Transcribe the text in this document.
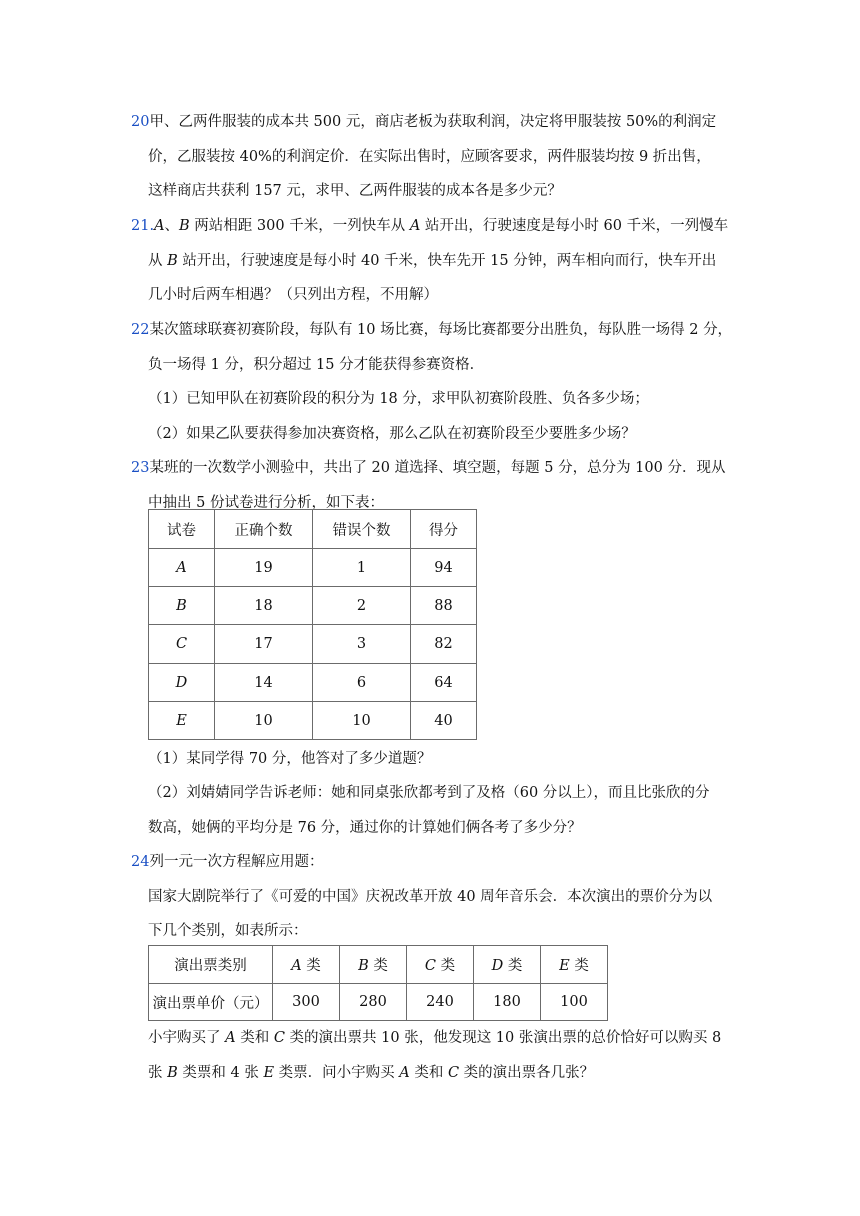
20甲、乙两件服装的成本共 500 元，商店老板为获取利润，决定将甲服装按 50%的利润定
价，乙服装按 40%的利润定价．在实际出售时，应顾客要求，两件服装均按 9 折出售，
这样商店共获利 157 元，求甲、乙两件服装的成本各是多少元？
21.A、B 两站相距 300 千米，一列快车从 A 站开出，行驶速度是每小时 60 千米，一列慢车
从 B 站开出，行驶速度是每小时 40 千米，快车先开 15 分钟，两车相向而行，快车开出
几小时后两车相遇？（只列出方程，不用解）
22某次篮球联赛初赛阶段，每队有 10 场比赛，每场比赛都要分出胜负，每队胜一场得 2 分，
负一场得 1 分，积分超过 15 分才能获得参赛资格．
（1）已知甲队在初赛阶段的积分为 18 分，求甲队初赛阶段胜、负各多少场；
（2）如果乙队要获得参加决赛资格，那么乙队在初赛阶段至少要胜多少场？
23某班的一次数学小测验中，共出了 20 道选择、填空题，每题 5 分，总分为 100 分．现从
中抽出 5 份试卷进行分析，如下表：
试卷	正确个数	错误个数	得分
A	19	1	94
B	18	2	88
C	17	3	82
D	14	6	64
E	10	10	40
（1）某同学得 70 分，他答对了多少道题？
（2）刘婧婧同学告诉老师：她和同桌张欣都考到了及格（60 分以上），而且比张欣的分
数高，她俩的平均分是 76 分，通过你的计算她们俩各考了多少分？
24列一元一次方程解应用题：
国家大剧院举行了《可爱的中国》庆祝改革开放 40 周年音乐会．本次演出的票价分为以
下几个类别，如表所示：
演出票类别	A 类	B 类	C 类	D 类	E 类
演出票单价（元）	300	280	240	180	100
小宇购买了 A 类和 C 类的演出票共 10 张，他发现这 10 张演出票的总价恰好可以购买 8
张 B 类票和 4 张 E 类票．问小宇购买 A 类和 C 类的演出票各几张？
